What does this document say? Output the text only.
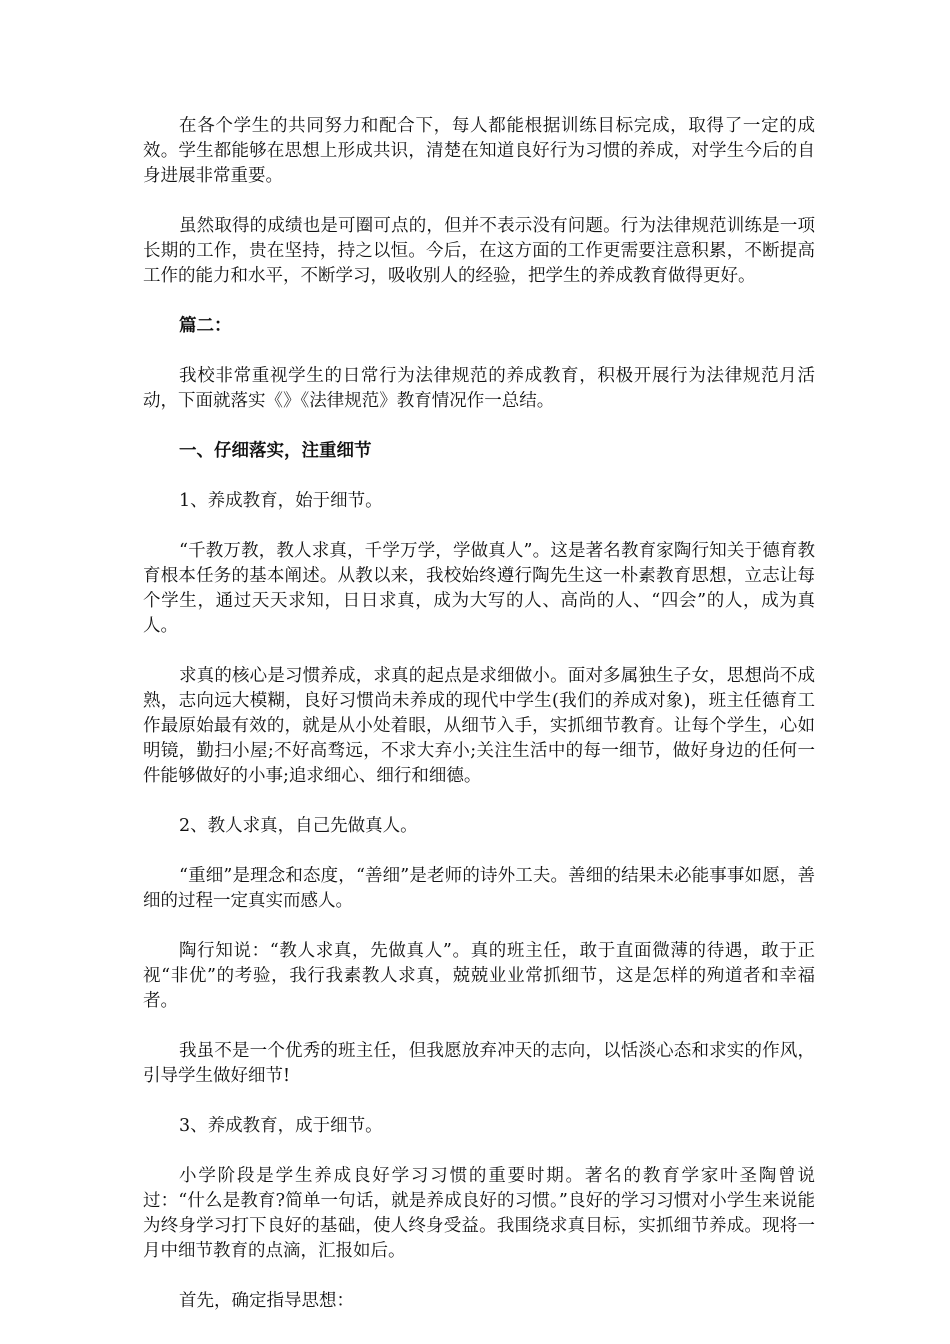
在各个学生的共同努力和配合下，每人都能根据训练目标完成，取得了一定的成效。学生都能够在思想上形成共识，清楚在知道良好行为习惯的养成，对学生今后的自身进展非常重要。

虽然取得的成绩也是可圈可点的，但并不表示没有问题。行为法律规范训练是一项长期的工作，贵在坚持，持之以恒。今后，在这方面的工作更需要注意积累，不断提高工作的能力和水平，不断学习，吸收别人的经验，把学生的养成教育做得更好。

篇二：

我校非常重视学生的日常行为法律规范的养成教育，积极开展行为法律规范月活动，下面就落实《》《法律规范》教育情况作一总结。

一、仔细落实，注重细节

1、养成教育，始于细节。

“千教万教，教人求真，千学万学，学做真人”。这是著名教育家陶行知关于德育教育根本任务的基本阐述。从教以来，我校始终遵行陶先生这一朴素教育思想，立志让每个学生，通过天天求知，日日求真，成为大写的人、高尚的人、“四会”的人，成为真人。

求真的核心是习惯养成，求真的起点是求细做小。面对多属独生子女，思想尚不成熟，志向远大模糊，良好习惯尚未养成的现代中学生(我们的养成对象)，班主任德育工作最原始最有效的，就是从小处着眼，从细节入手，实抓细节教育。让每个学生，心如明镜，勤扫小屋;不好高骛远，不求大弃小;关注生活中的每一细节，做好身边的任何一件能够做好的小事;追求细心、细行和细德。

2、教人求真，自己先做真人。

“重细”是理念和态度，“善细”是老师的诗外工夫。善细的结果未必能事事如愿，善细的过程一定真实而感人。

陶行知说：“教人求真，先做真人”。真的班主任，敢于直面微薄的待遇，敢于正视“非优”的考验，我行我素教人求真，兢兢业业常抓细节，这是怎样的殉道者和幸福者。

我虽不是一个优秀的班主任，但我愿放弃冲天的志向，以恬淡心态和求实的作风，引导学生做好细节!

3、养成教育，成于细节。

小学阶段是学生养成良好学习习惯的重要时期。著名的教育学家叶圣陶曾说过：“什么是教育?简单一句话，就是养成良好的习惯。”良好的学习习惯对小学生来说能为终身学习打下良好的基础，使人终身受益。我围绕求真目标，实抓细节养成。现将一月中细节教育的点滴，汇报如后。

首先，确定指导思想：
